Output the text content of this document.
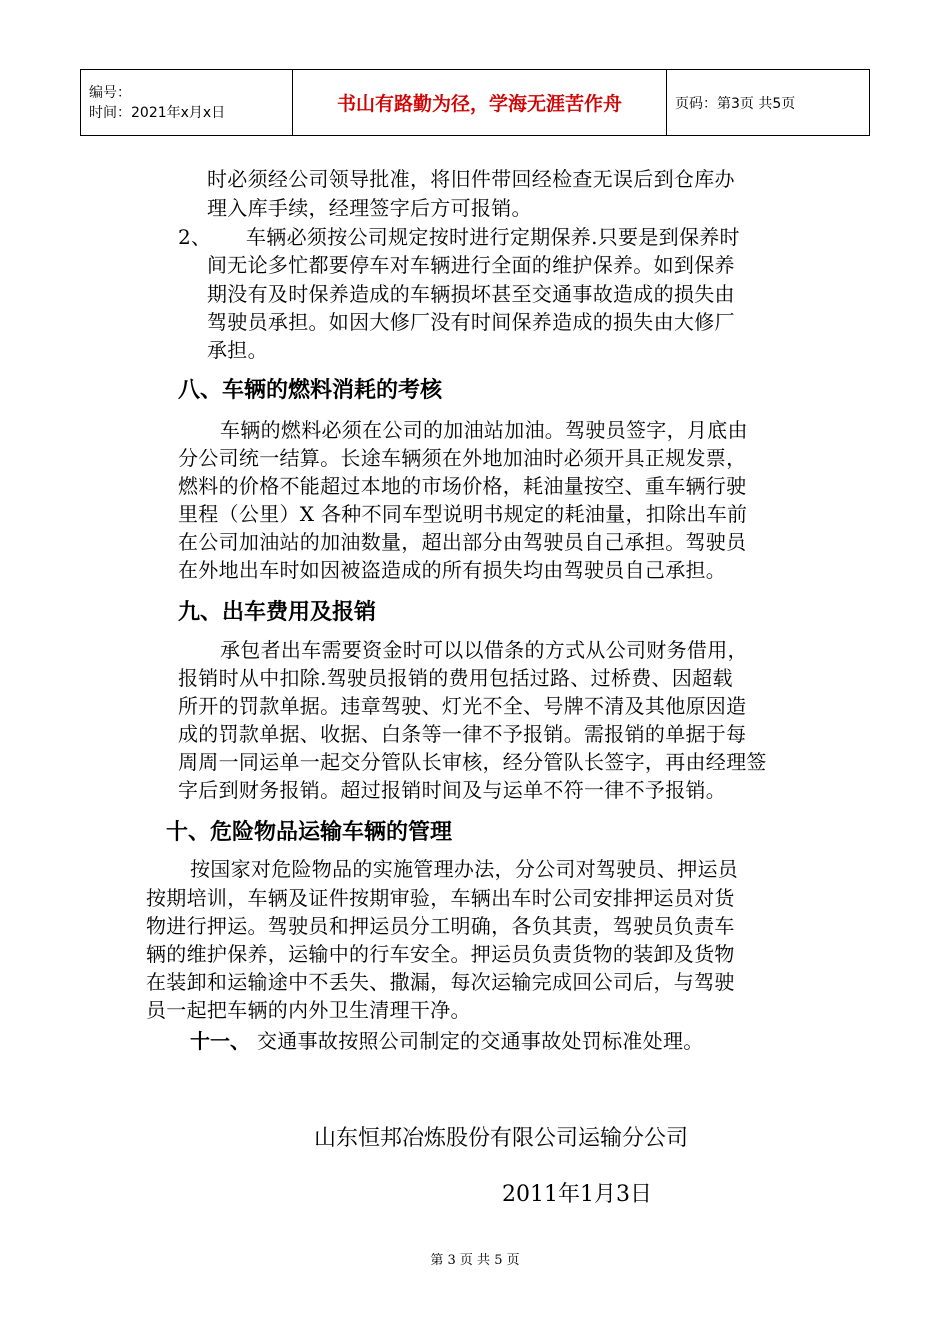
编号：
时间：2021年x月x日	书山有路勤为径，学海无涯苦作舟	页码：第3页 共5页
时必须经公司领导批准，将旧件带回经检查无误后到仓库办
理入库手续，经理签字后方可报销。
2、 车辆必须按公司规定按时进行定期保养.只要是到保养时
间无论多忙都要停车对车辆进行全面的维护保养。如到保养
期没有及时保养造成的车辆损坏甚至交通事故造成的损失由
驾驶员承担。如因大修厂没有时间保养造成的损失由大修厂
承担。
八、车辆的燃料消耗的考核
车辆的燃料必须在公司的加油站加油。驾驶员签字，月底由
分公司统一结算。长途车辆须在外地加油时必须开具正规发票，
燃料的价格不能超过本地的市场价格，耗油量按空、重车辆行驶
里程（公里）X 各种不同车型说明书规定的耗油量，扣除出车前
在公司加油站的加油数量，超出部分由驾驶员自己承担。驾驶员
在外地出车时如因被盗造成的所有损失均由驾驶员自己承担。
九、出车费用及报销
承包者出车需要资金时可以以借条的方式从公司财务借用，
报销时从中扣除.驾驶员报销的费用包括过路、过桥费、因超载
所开的罚款单据。违章驾驶、灯光不全、号牌不清及其他原因造
成的罚款单据、收据、白条等一律不予报销。需报销的单据于每
周周一同运单一起交分管队长审核，经分管队长签字，再由经理签
字后到财务报销。超过报销时间及与运单不符一律不予报销。
十、危险物品运输车辆的管理
按国家对危险物品的实施管理办法，分公司对驾驶员、押运员
按期培训，车辆及证件按期审验，车辆出车时公司安排押运员对货
物进行押运。驾驶员和押运员分工明确，各负其责，驾驶员负责车
辆的维护保养，运输中的行车安全。押运员负责货物的装卸及货物
在装卸和运输途中不丢失、撒漏，每次运输完成回公司后，与驾驶
员一起把车辆的内外卫生清理干净。
十一、 交通事故按照公司制定的交通事故处罚标准处理。
山东恒邦冶炼股份有限公司运输分公司
2011年1月3日
第 3 页 共 5 页
